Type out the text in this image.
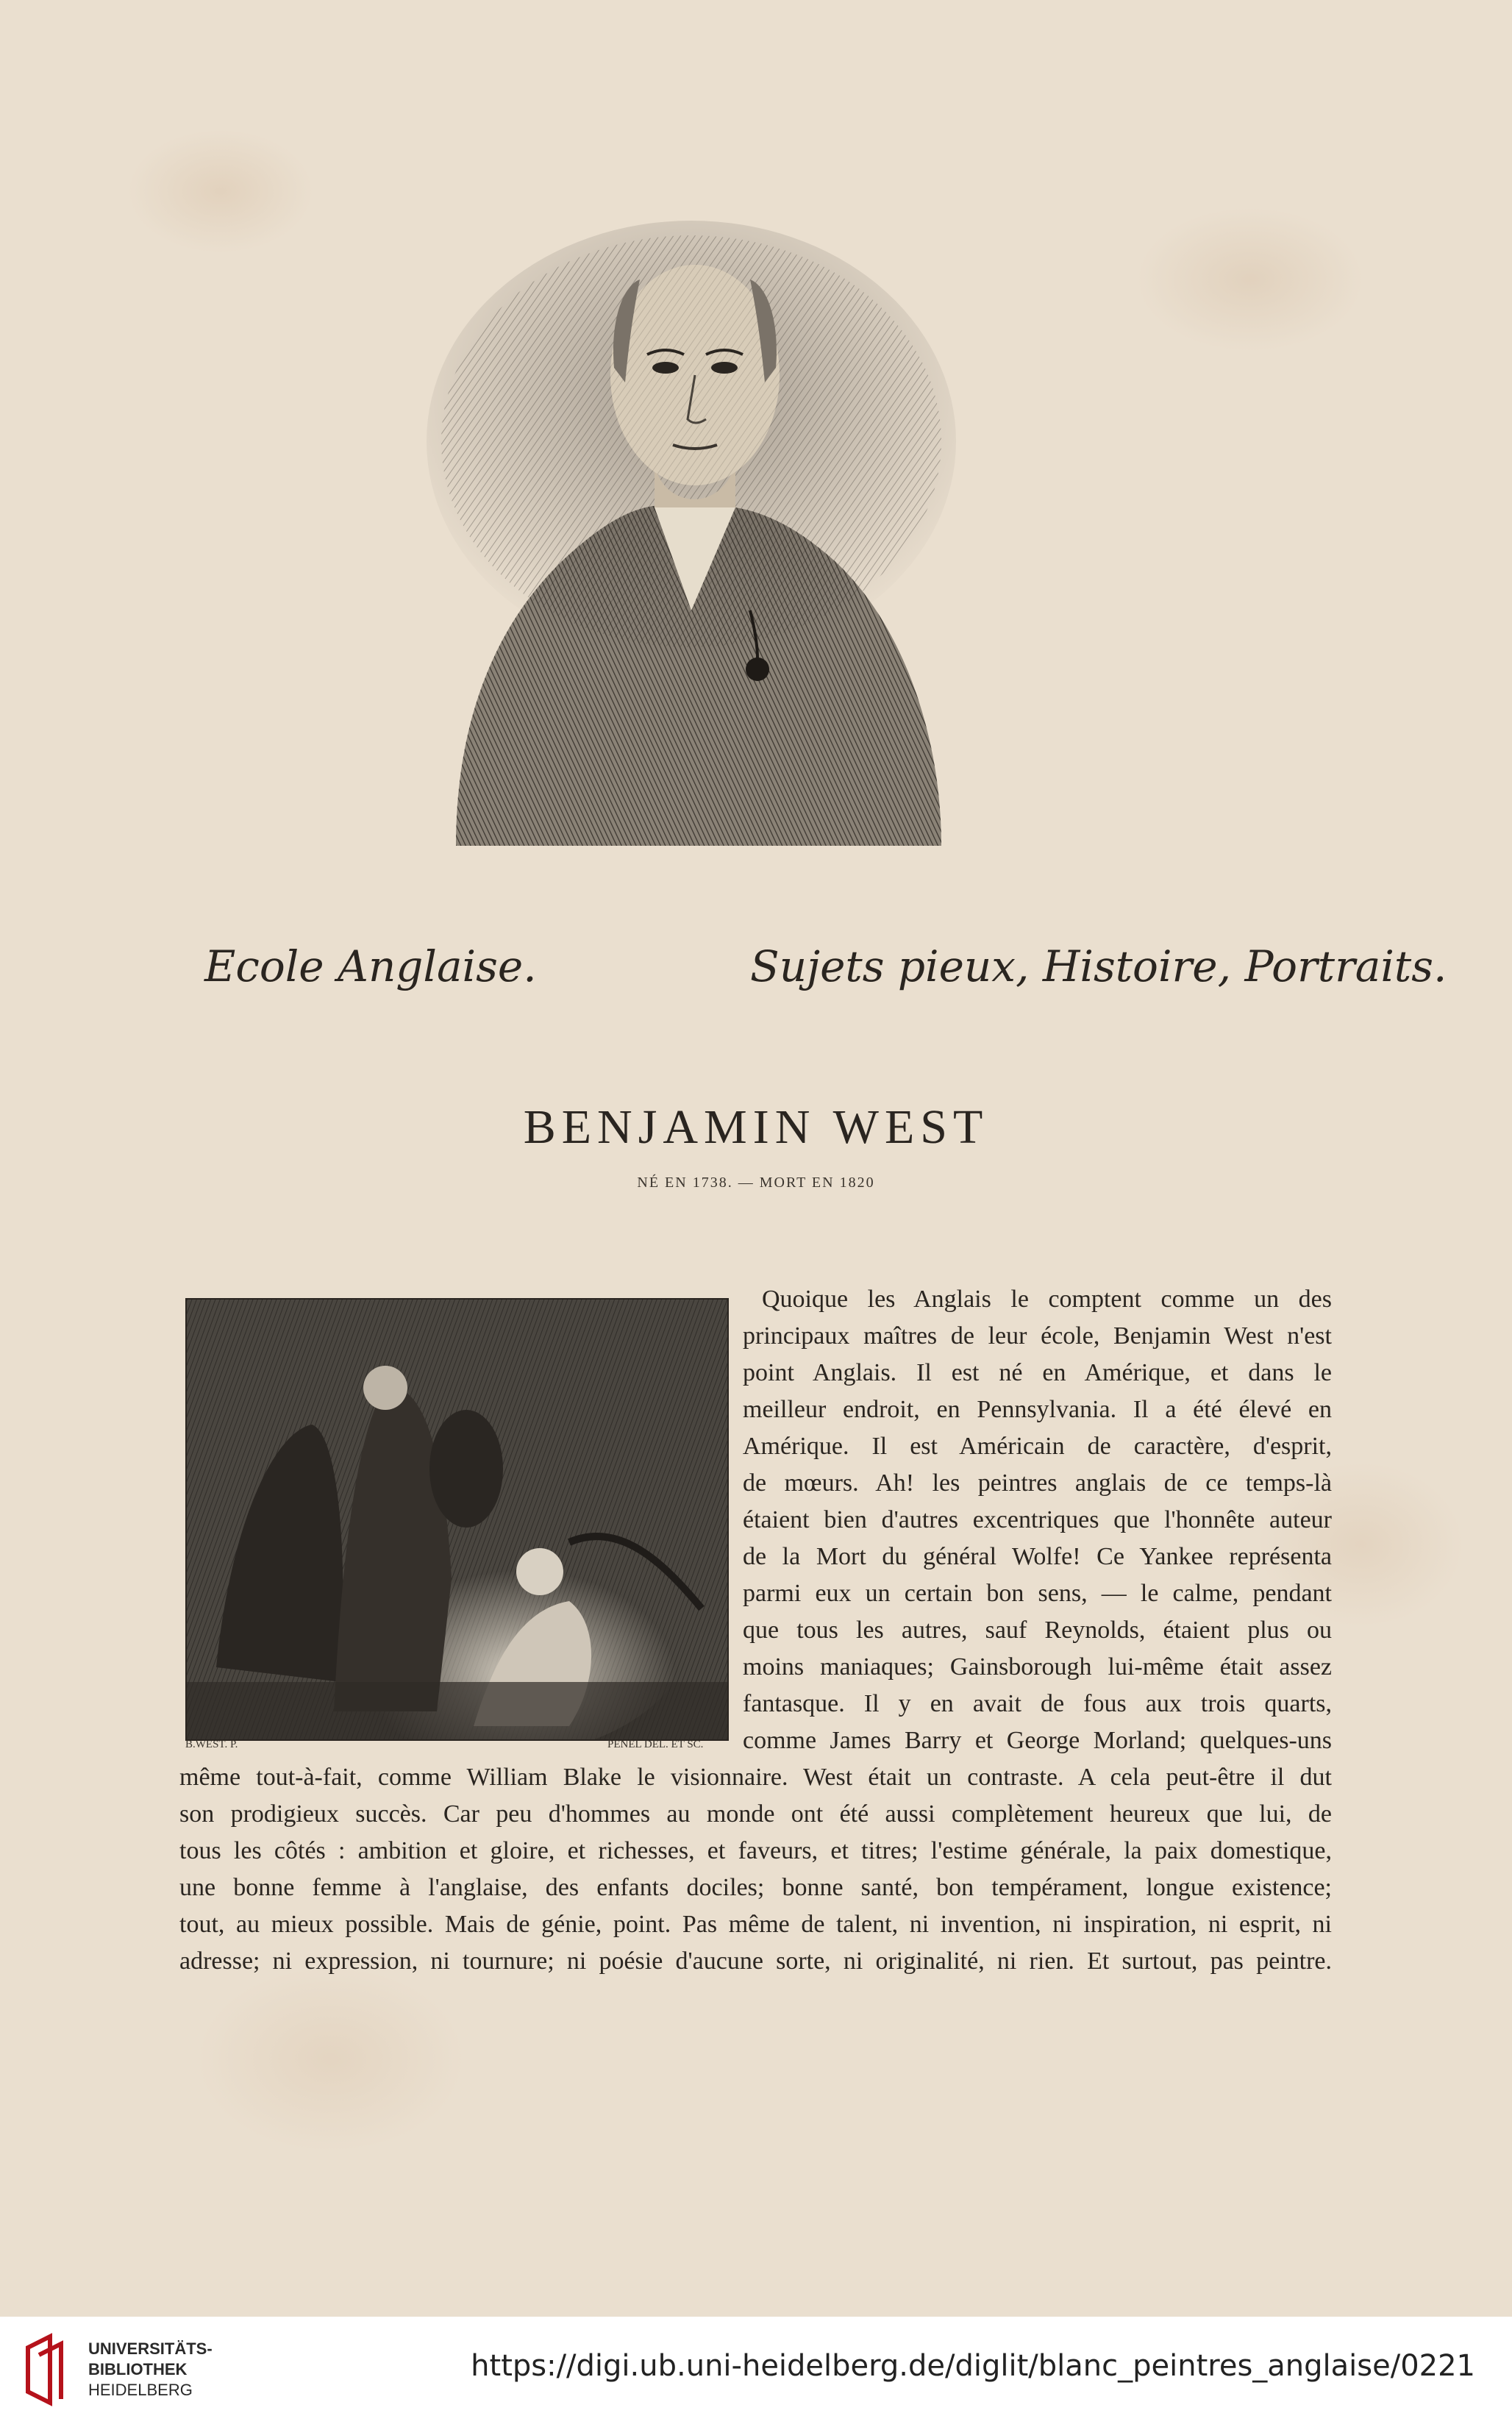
Ecole Anglaise.	Sujets pieux, Histoire, Portraits.
BENJAMIN WEST
NÉ EN 1738. — MORT EN 1820
B.WEST. P.	PENEL DEL. ET SC.
Quoique les Anglais le comptent comme un des
principaux maîtres de leur école, Benjamin West n'est
point Anglais. Il est né en Amérique, et dans le
meilleur endroit, en Pennsylvania. Il a été élevé en
Amérique. Il est Américain de caractère, d'esprit,
de mœurs. Ah! les peintres anglais de ce temps-là
étaient bien d'autres excentriques que l'honnête auteur
de la Mort du général Wolfe! Ce Yankee représenta
parmi eux un certain bon sens, — le calme, pendant
que tous les autres, sauf Reynolds, étaient plus ou
moins maniaques; Gainsborough lui-même était assez
fantasque. Il y en avait de fous aux trois quarts,
comme James Barry et George Morland; quelques-uns
même tout-à-fait, comme William Blake le visionnaire. West était un contraste. A cela peut-être il dut
son prodigieux succès. Car peu d'hommes au monde ont été aussi complètement heureux que lui, de
tous les côtés : ambition et gloire, et richesses, et faveurs, et titres; l'estime générale, la paix domestique,
une bonne femme à l'anglaise, des enfants dociles; bonne santé, bon tempérament, longue existence;
tout, au mieux possible. Mais de génie, point. Pas même de talent, ni invention, ni inspiration, ni esprit, ni
adresse; ni expression, ni tournure; ni poésie d'aucune sorte, ni originalité, ni rien. Et surtout, pas peintre.
UNIVERSITÄTS-
BIBLIOTHEK
HEIDELBERG
https://digi.ub.uni-heidelberg.de/diglit/blanc_peintres_anglaise/0221
